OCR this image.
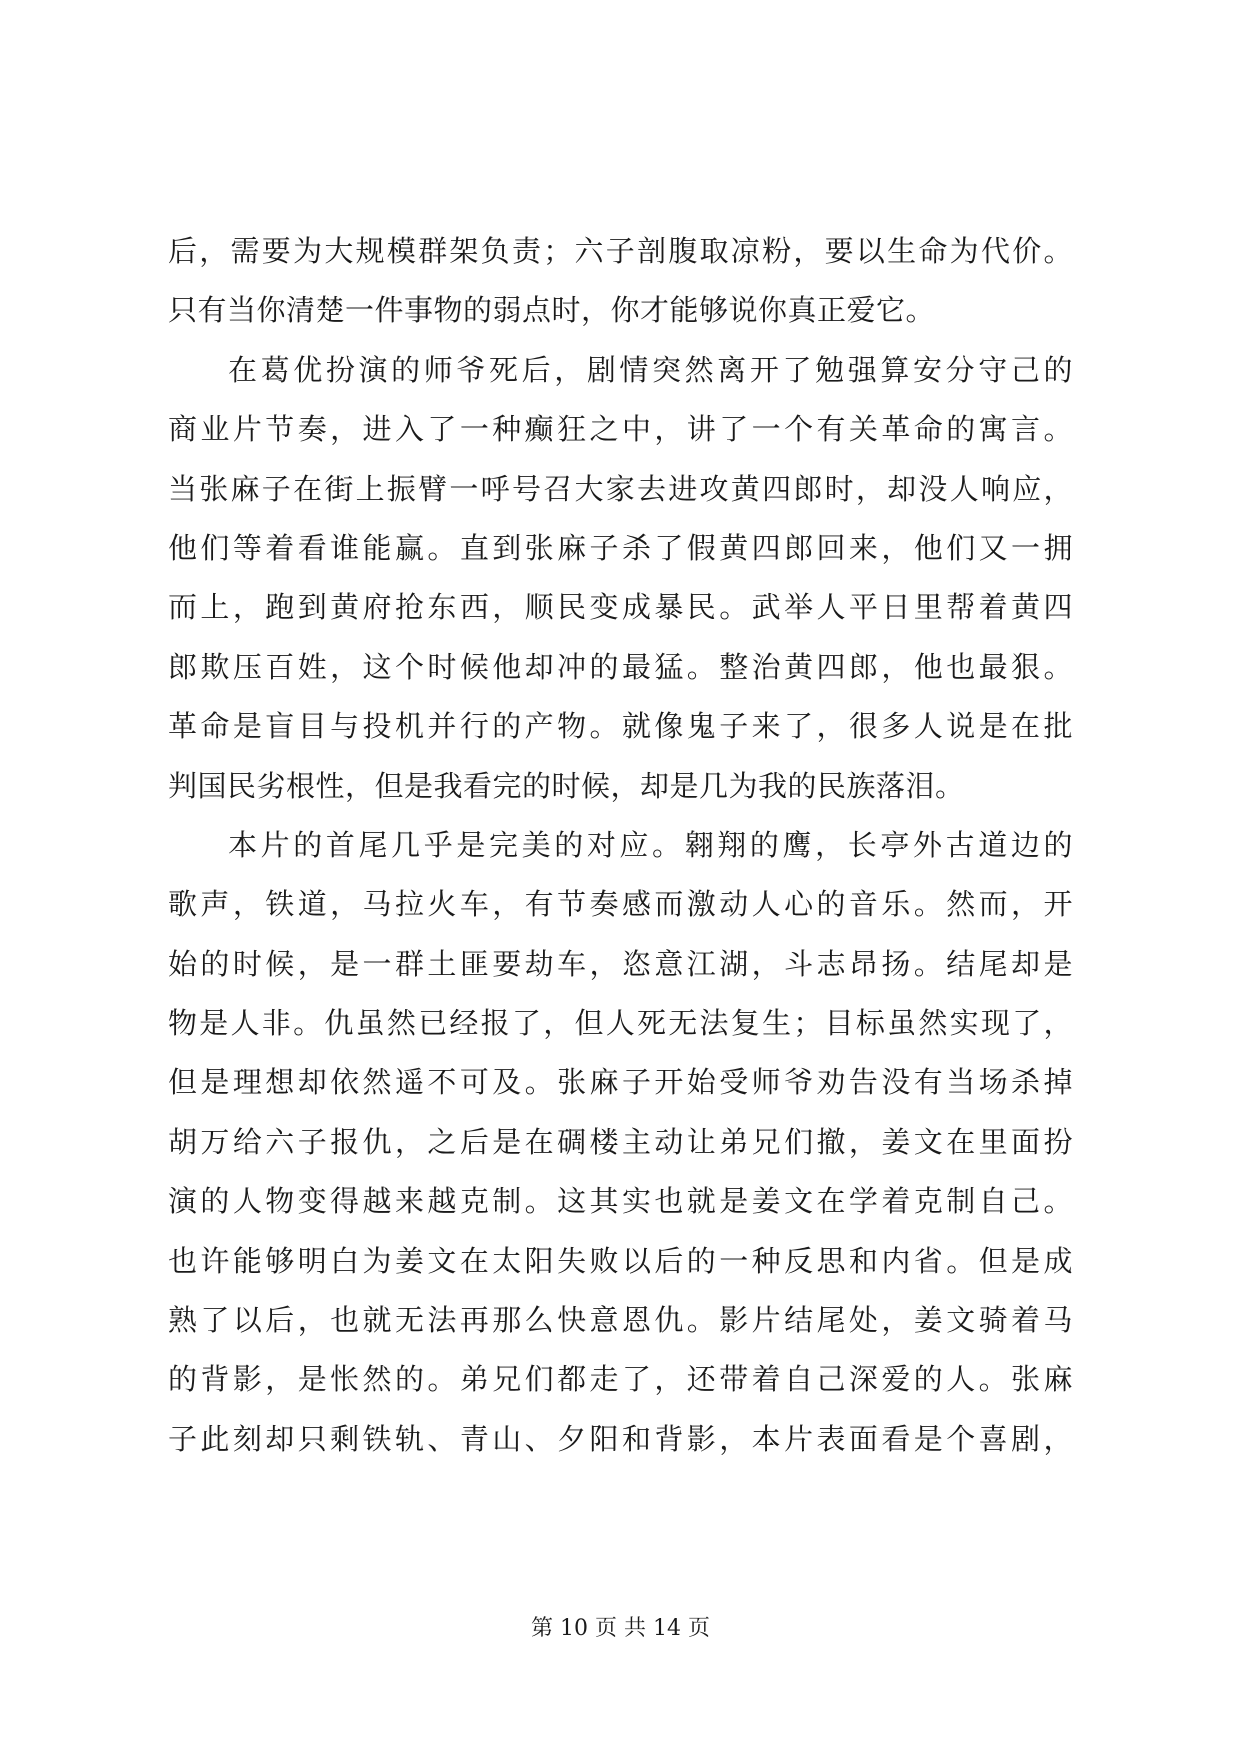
后，需要为大规模群架负责；六子剖腹取凉粉，要以生命为代价。
只有当你清楚一件事物的弱点时，你才能够说你真正爱它。
在葛优扮演的师爷死后，剧情突然离开了勉强算安分守己的
商业片节奏，进入了一种癫狂之中，讲了一个有关革命的寓言。
当张麻子在街上振臂一呼号召大家去进攻黄四郎时，却没人响应，
他们等着看谁能赢。直到张麻子杀了假黄四郎回来，他们又一拥
而上，跑到黄府抢东西，顺民变成暴民。武举人平日里帮着黄四
郎欺压百姓，这个时候他却冲的最猛。整治黄四郎，他也最狠。
革命是盲目与投机并行的产物。就像鬼子来了，很多人说是在批
判国民劣根性，但是我看完的时候，却是几为我的民族落泪。
本片的首尾几乎是完美的对应。翱翔的鹰，长亭外古道边的
歌声，铁道，马拉火车，有节奏感而激动人心的音乐。然而，开
始的时候，是一群土匪要劫车，恣意江湖，斗志昂扬。结尾却是
物是人非。仇虽然已经报了，但人死无法复生；目标虽然实现了，
但是理想却依然遥不可及。张麻子开始受师爷劝告没有当场杀掉
胡万给六子报仇，之后是在碉楼主动让弟兄们撤，姜文在里面扮
演的人物变得越来越克制。这其实也就是姜文在学着克制自己。
也许能够明白为姜文在太阳失败以后的一种反思和内省。但是成
熟了以后，也就无法再那么快意恩仇。影片结尾处，姜文骑着马
的背影，是怅然的。弟兄们都走了，还带着自己深爱的人。张麻
子此刻却只剩铁轨、青山、夕阳和背影，本片表面看是个喜剧，
第 10 页 共 14 页
